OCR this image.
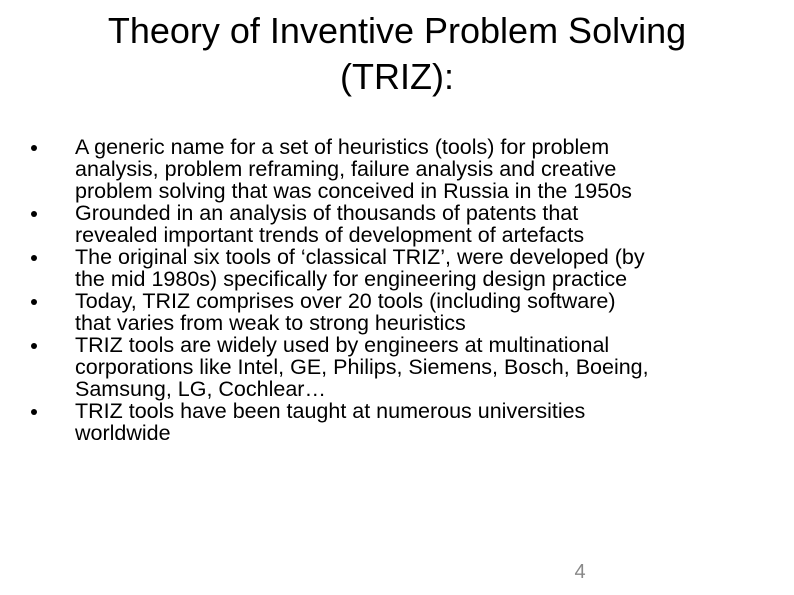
Theory of Inventive Problem Solving
(TRIZ):
A generic name for a set of heuristics (tools) for problem
analysis, problem reframing, failure analysis and creative
problem solving that was conceived in Russia in the 1950s
Grounded in an analysis of thousands of patents that
revealed important trends of development of artefacts
The original six tools of ‘classical TRIZ’, were developed (by
the mid 1980s) specifically for engineering design practice
Today, TRIZ comprises over 20 tools (including software)
that varies from weak to strong heuristics
TRIZ tools are widely used by engineers at multinational
corporations like Intel, GE, Philips, Siemens, Bosch, Boeing,
Samsung, LG, Cochlear…
TRIZ tools have been taught at numerous universities
worldwide
4
